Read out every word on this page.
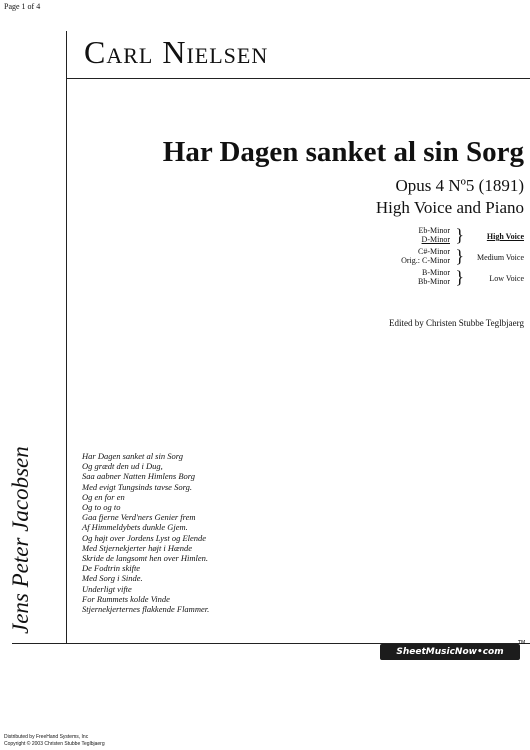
Page 1 of 4
Carl Nielsen
Har Dagen sanket al sin Sorg
Opus 4 Nº5 (1891)
High Voice and Piano
Eb-Minor
D-Minor }	High Voice
C#-Minor
Orig.: C-Minor } Medium Voice
B-Minor
Bb-Minor }	Low Voice
Edited by Christen Stubbe Teglbjaerg
Jens Peter Jacobsen	Har Dagen sanket al sin Sorg
Og grædt den ud i Dug,
Saa aabner Natten Himlens Borg
Med evigt Tungsinds tavse Sorg.
Og en for en
Og to og to
Gaa fjerne Verd'ners Genier frem
Af Himmeldybets dunkle Gjem.
Og højt over Jordens Lyst og Elende
Med Stjernekjerter højt i Hænde
Skride de langsomt hen over Himlen.
De Fodtrin skifte
Med Sorg i Sinde.
Underligt vifte
For Rummets kolde Vinde
Stjernekjerternes flakkende Flammer.
SheetMusicNow•com
TM
Distributed by FreeHand Systems, Inc
Copyright © 2003 Christen Stubbe Teglbjaerg
